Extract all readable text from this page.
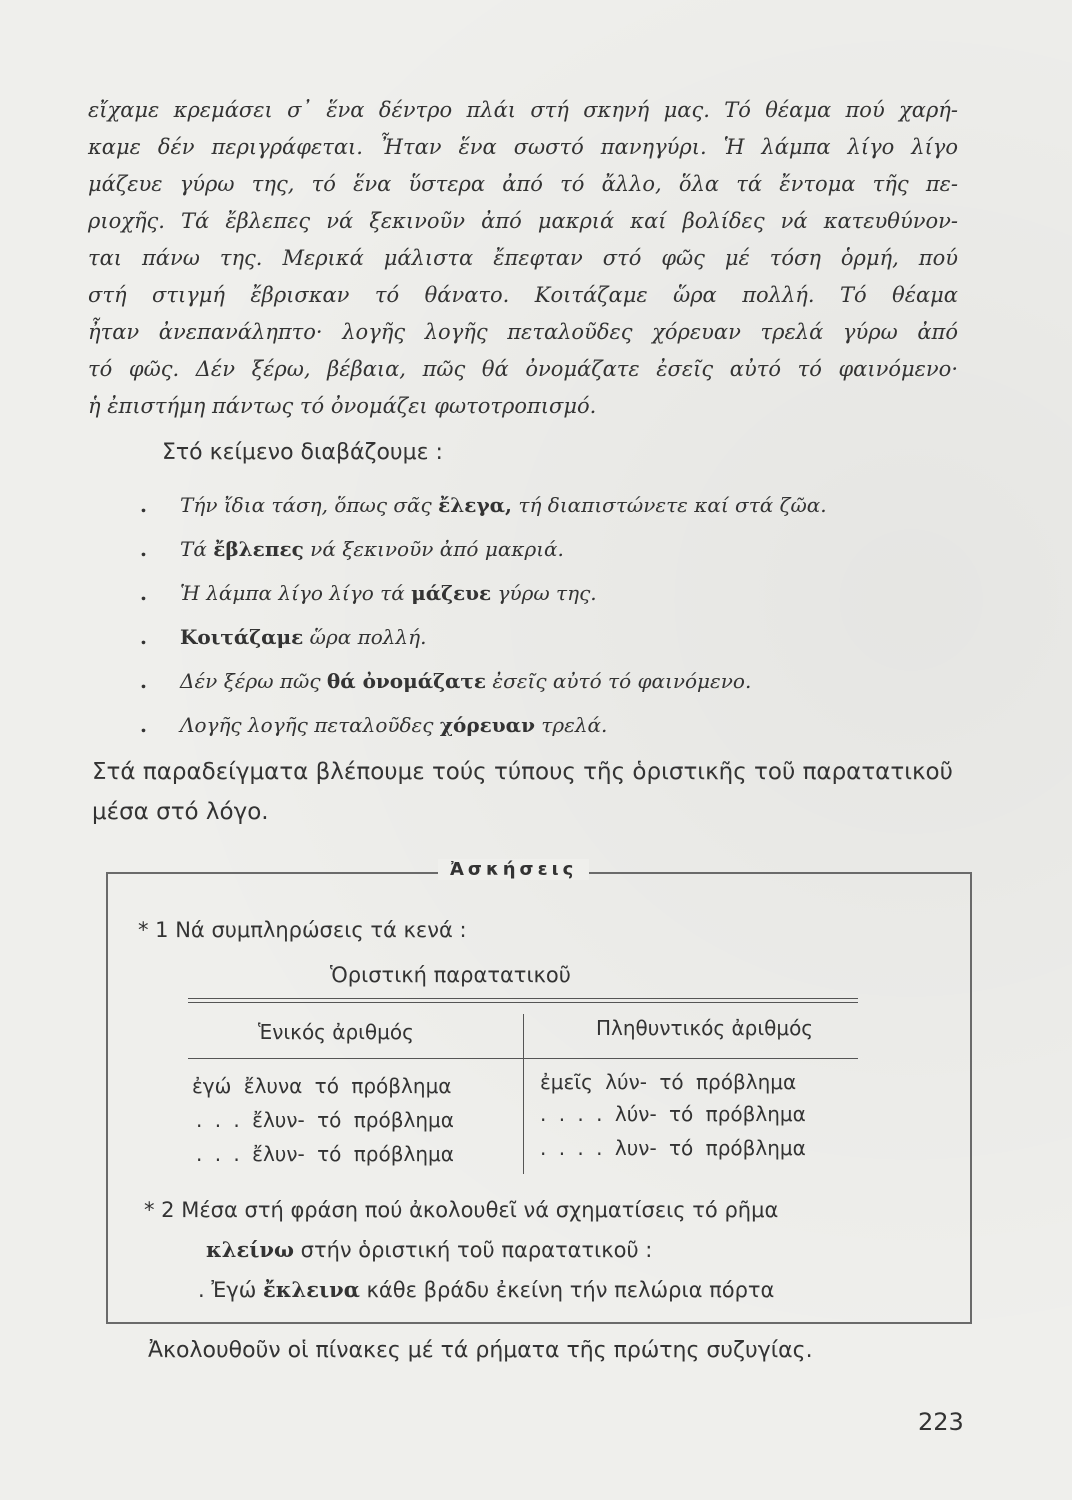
εἴχαμε κρεμάσει σ᾿ ἕνα δέντρο πλάι στή σκηνή μας. Τό θέαμα πού χαρή-
καμε δέν περιγράφεται. Ἦταν ἕνα σωστό πανηγύρι. Ἡ λάμπα λίγο λίγο
μάζευε γύρω της, τό ἕνα ὕστερα ἀπό τό ἄλλο, ὅλα τά ἔντομα τῆς πε-
ριοχῆς. Τά ἔβλεπες νά ξεκινοῦν ἀπό μακριά καί βολίδες νά κατευθύνον-
ται πάνω της. Μερικά μάλιστα ἔπεφταν στό φῶς μέ τόση ὁρμή, πού
στή στιγμή ἔβρισκαν τό θάνατο. Κοιτάζαμε ὥρα πολλή. Τό θέαμα
ἦταν ἀνεπανάληπτο· λογῆς λογῆς πεταλοῦδες χόρευαν τρελά γύρω ἀπό
τό φῶς. Δέν ξέρω, βέβαια, πῶς θά ὀνομάζατε ἐσεῖς αὐτό τό φαινόμενο·
ἡ ἐπιστήμη πάντως τό ὀνομάζει φωτοτροπισμό.
Στό κείμενο διαβάζουμε :
. Τήν ἴδια τάση, ὅπως σᾶς ἔλεγα, τή διαπιστώνετε καί στά ζῶα.
. Τά ἔβλεπες νά ξεκινοῦν ἀπό μακριά.
. Ἡ λάμπα λίγο λίγο τά μάζευε γύρω της.
. Κοιτάζαμε ὥρα πολλή.
. Δέν ξέρω πῶς θά ὀνομάζατε ἐσεῖς αὐτό τό φαινόμενο.
. Λογῆς λογῆς πεταλοῦδες χόρευαν τρελά.
Στά παραδείγματα βλέπουμε τούς τύπους τῆς ὁριστικῆς τοῦ παρατατικοῦ μέσα στό λόγο.
Ἀσκήσεις
* 1 Νά συμπληρώσεις τά κενά :
Ὁριστική παρατατικοῦ
Ἑνικός ἀριθμός	Πληθυντικός ἀριθμός
ἐγώ ἔλυνα τό πρόβλημα	ἐμεῖς λύν- τό πρόβλημα
. . . ἔλυν- τό πρόβλημα	. . . . λύν- τό πρόβλημα
. . . ἔλυν- τό πρόβλημα	. . . . λυν- τό πρόβλημα
* 2 Μέσα στή φράση πού ἀκολουθεῖ νά σχηματίσεις τό ρῆμα
κλείνω στήν ὁριστική τοῦ παρατατικοῦ :
. Ἐγώ ἔκλεινα κάθε βράδυ ἐκείνη τήν πελώρια πόρτα
Ἀκολουθοῦν οἱ πίνακες μέ τά ρήματα τῆς πρώτης συζυγίας.
223
